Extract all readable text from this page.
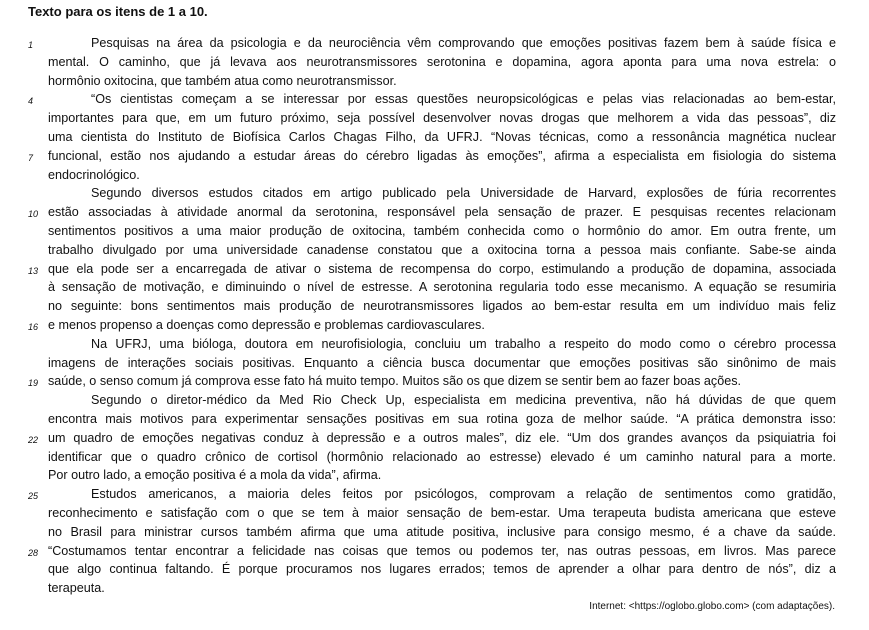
Texto para os itens de 1 a 10.
Pesquisas na área da psicologia e da neurociência vêm comprovando que emoções positivas fazem bem à saúde física e
mental. O caminho, que já levava aos neurotransmissores serotonina e dopamina, agora aponta para uma nova estrela: o
hormônio oxitocina, que também atua como neurotransmissor.
“Os cientistas começam a se interessar por essas questões neuropsicológicas e pelas vias relacionadas ao bem-estar,
importantes para que, em um futuro próximo, seja possível desenvolver novas drogas que melhorem a vida das pessoas”, diz
uma cientista do Instituto de Biofísica Carlos Chagas Filho, da UFRJ. “Novas técnicas, como a ressonância magnética nuclear
funcional, estão nos ajudando a estudar áreas do cérebro ligadas às emoções”, afirma a especialista em fisiologia do sistema
endocrinológico.
Segundo diversos estudos citados em artigo publicado pela Universidade de Harvard, explosões de fúria recorrentes
estão associadas à atividade anormal da serotonina, responsável pela sensação de prazer. E pesquisas recentes relacionam
sentimentos positivos a uma maior produção de oxitocina, também conhecida como o hormônio do amor. Em outra frente, um
trabalho divulgado por uma universidade canadense constatou que a oxitocina torna a pessoa mais confiante. Sabe-se ainda
que ela pode ser a encarregada de ativar o sistema de recompensa do corpo, estimulando a produção de dopamina, associada
à sensação de motivação, e diminuindo o nível de estresse. A serotonina regularia todo esse mecanismo. A equação se resumiria
no seguinte: bons sentimentos mais produção de neurotransmissores ligados ao bem-estar resulta em um indivíduo mais feliz
e menos propenso a doenças como depressão e problemas cardiovasculares.
Na UFRJ, uma bióloga, doutora em neurofisiologia, concluiu um trabalho a respeito do modo como o cérebro processa
imagens de interações sociais positivas. Enquanto a ciência busca documentar que emoções positivas são sinônimo de mais
saúde, o senso comum já comprova esse fato há muito tempo. Muitos são os que dizem se sentir bem ao fazer boas ações.
Segundo o diretor-médico da Med Rio Check Up, especialista em medicina preventiva, não há dúvidas de que quem
encontra mais motivos para experimentar sensações positivas em sua rotina goza de melhor saúde. “A prática demonstra isso:
um quadro de emoções negativas conduz à depressão e a outros males”, diz ele. “Um dos grandes avanços da psiquiatria foi
identificar que o quadro crônico de cortisol (hormônio relacionado ao estresse) elevado é um caminho natural para a morte.
Por outro lado, a emoção positiva é a mola da vida”, afirma.
Estudos americanos, a maioria deles feitos por psicólogos, comprovam a relação de sentimentos como gratidão,
reconhecimento e satisfação com o que se tem à maior sensação de bem-estar. Uma terapeuta budista americana que esteve
no Brasil para ministrar cursos também afirma que uma atitude positiva, inclusive para consigo mesmo, é a chave da saúde.
“Costumamos tentar encontrar a felicidade nas coisas que temos ou podemos ter, nas outras pessoas, em livros. Mas parece
que algo continua faltando. É porque procuramos nos lugares errados; temos de aprender a olhar para dentro de nós”, diz a
terapeuta.
1
4
7
10
13
16
19
22
25
28
Internet: <https://oglobo.globo.com> (com adaptações).
